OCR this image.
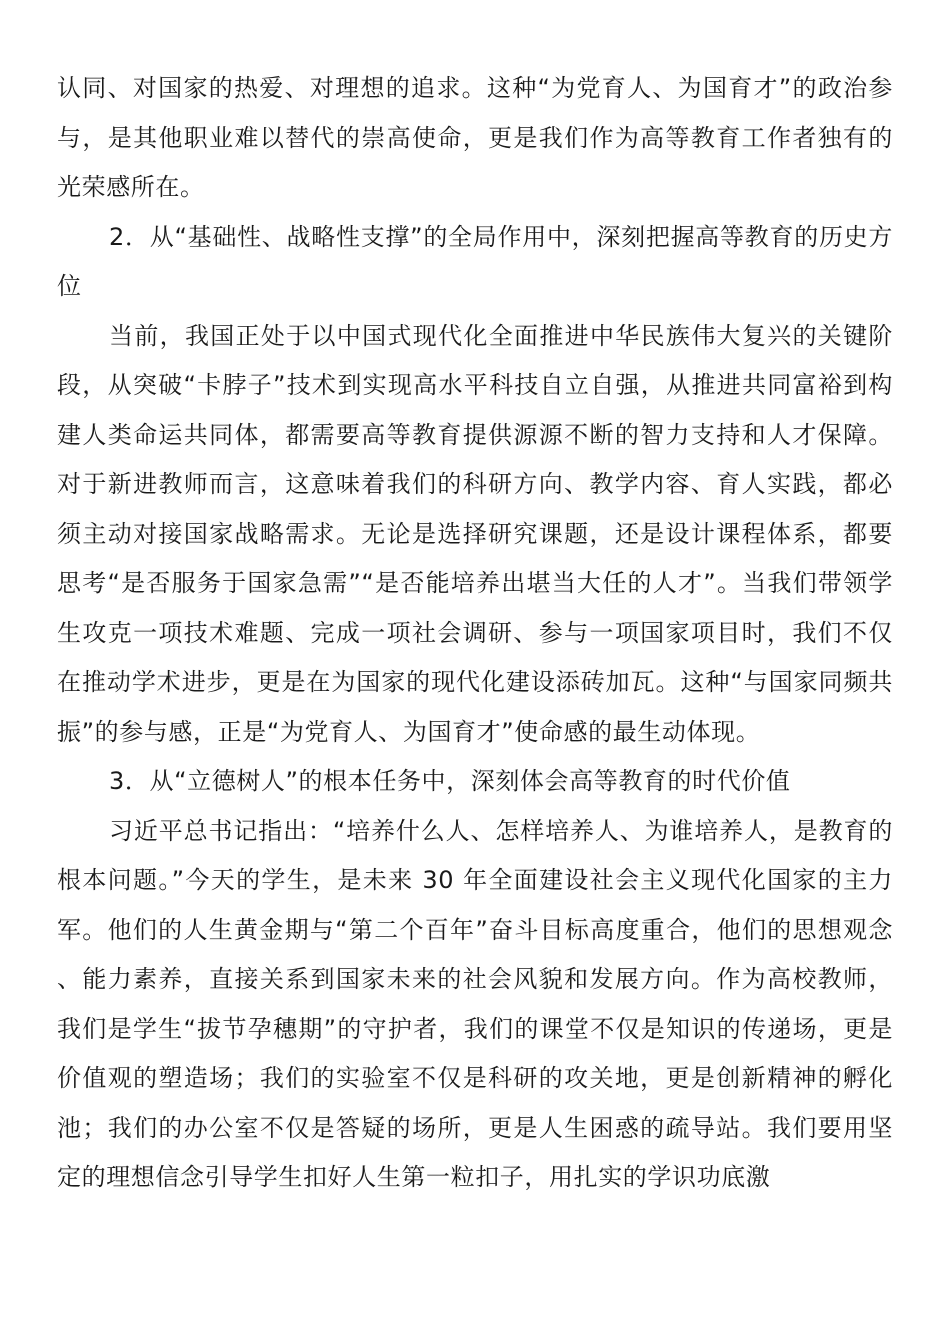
认同、对国家的热爱、对理想的追求。这种“为党育人、为国育才”的政治参与，是其他职业难以替代的崇高使命，更是我们作为高等教育工作者独有的光荣感所在。

2．从“基础性、战略性支撑”的全局作用中，深刻把握高等教育的历史方位

当前，我国正处于以中国式现代化全面推进中华民族伟大复兴的关键阶段，从突破“卡脖子”技术到实现高水平科技自立自强，从推进共同富裕到构建人类命运共同体，都需要高等教育提供源源不断的智力支持和人才保障。对于新进教师而言，这意味着我们的科研方向、教学内容、育人实践，都必须主动对接国家战略需求。无论是选择研究课题，还是设计课程体系，都要思考“是否服务于国家急需”“是否能培养出堪当大任的人才”。当我们带领学生攻克一项技术难题、完成一项社会调研、参与一项国家项目时，我们不仅在推动学术进步，更是在为国家的现代化建设添砖加瓦。这种“与国家同频共振”的参与感，正是“为党育人、为国育才”使命感的最生动体现。

3．从“立德树人”的根本任务中，深刻体会高等教育的时代价值

习近平总书记指出：“培养什么人、怎样培养人、为谁培养人，是教育的根本问题。”今天的学生，是未来 30 年全面建设社会主义现代化国家的主力军。他们的人生黄金期与“第二个百年”奋斗目标高度重合，他们的思想观念、能力素养，直接关系到国家未来的社会风貌和发展方向。作为高校教师，我们是学生“拔节孕穗期”的守护者，我们的课堂不仅是知识的传递场，更是价值观的塑造场；我们的实验室不仅是科研的攻关地，更是创新精神的孵化池；我们的办公室不仅是答疑的场所，更是人生困惑的疏导站。我们要用坚定的理想信念引导学生扣好人生第一粒扣子，用扎实的学识功底激
